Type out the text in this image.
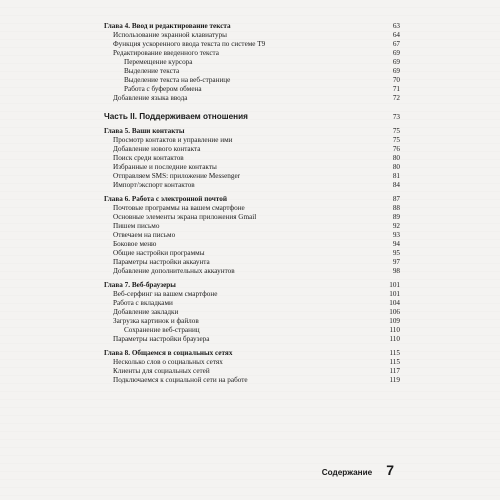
Глава 4. Ввод и редактирование текста	63
Использование экранной клавиатуры	64
Функция ускоренного ввода текста по системе Т9	67
Редактирование введенного текста	69
Перемещение курсора	69
Выделение текста	69
Выделение текста на веб-странице	70
Работа с буфером обмена	71
Добавление языка ввода	72
Часть II. Поддерживаем отношения	73
Глава 5. Ваши контакты	75
Просмотр контактов и управление ими	75
Добавление нового контакта	76
Поиск среди контактов	80
Избранные и последние контакты	80
Отправляем SMS: приложение Messenger	81
Импорт/экспорт контактов	84
Глава 6. Работа с электронной почтой	87
Почтовые программы на вашем смартфоне	88
Основные элементы экрана приложения Gmail	89
Пишем письмо	92
Отвечаем на письмо	93
Боковое меню	94
Общие настройки программы	95
Параметры настройки аккаунта	97
Добавление дополнительных аккаунтов	98
Глава 7. Веб-браузеры	101
Веб-серфинг на вашем смартфоне	101
Работа с вкладками	104
Добавление закладки	106
Загрузка картинок и файлов	109
Сохранение веб-страниц	110
Параметры настройки браузера	110
Глава 8. Общаемся в социальных сетях	115
Несколько слов о социальных сетях	115
Клиенты для социальных сетей	117
Подключаемся к социальной сети на работе	119
Содержание 7
